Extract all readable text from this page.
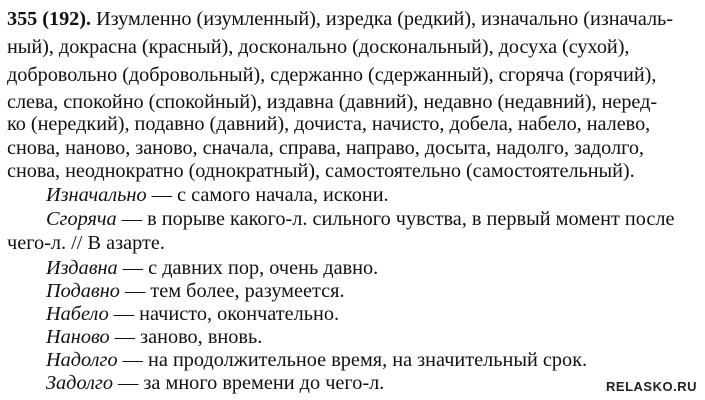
355 (192). Изумленно (изумленный), изредка (редкий), изначально (изначаль-
ный), докрасна (красный), досконально (доскональный), досуха (сухой),
добровольно (добровольный), сдержанно (сдержанный), сгоряча (горячий),
слева, спокойно (спокойный), издавна (давний), недавно (недавний), неред-
ко (нередкий), подавно (давний), дочиста, начисто, добела, набело, налево,
снова, наново, заново, сначала, справа, направо, досыта, надолго, задолго,
снова, неоднократно (однократный), самостоятельно (самостоятельный).
Изначально — с самого начала, искони.
Сгоряча — в порыве какого-л. сильного чувства, в первый момент после
чего-л. // В азарте.
Издавна — с давних пор, очень давно.
Подавно — тем более, разумеется.
Набело — начисто, окончательно.
Наново — заново, вновь.
Надолго — на продолжительное время, на значительный срок.
Задолго — за много времени до чего-л.	RELASKO.RU
